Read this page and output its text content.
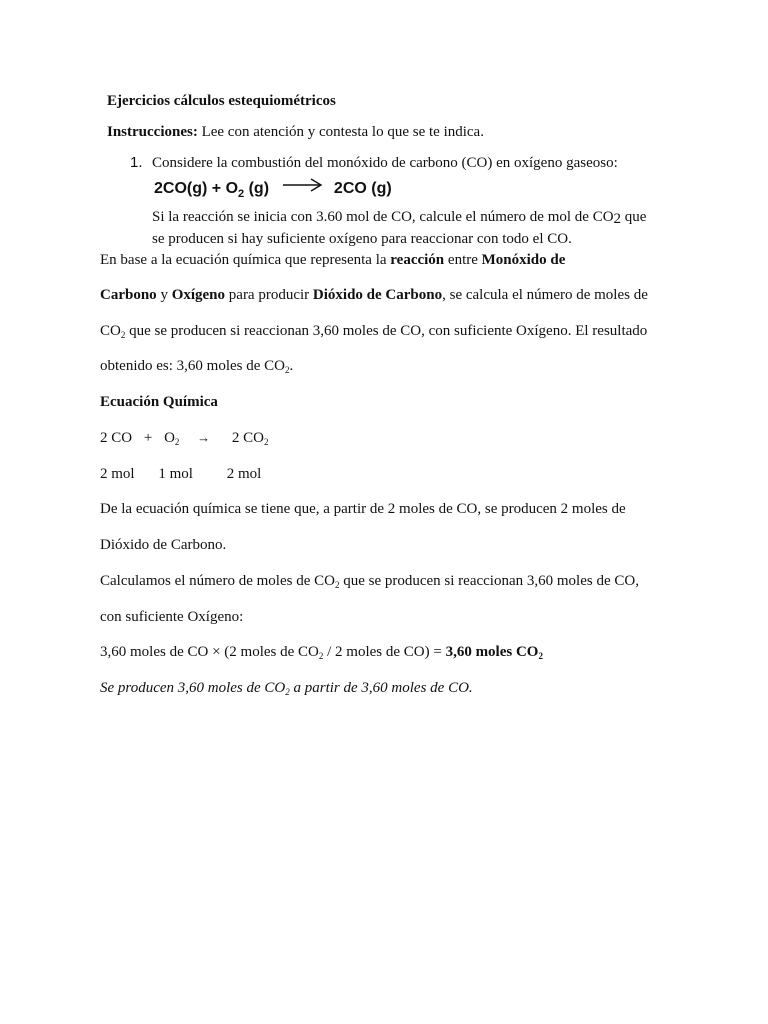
Ejercicios cálculos estequiométricos
Instrucciones: Lee con atención y contesta lo que se te indica.
1. Considere la combustión del monóxido de carbono (CO) en oxígeno gaseoso:
$2CO(g) + O_2$ (g) → 2CO (g)
Si la reacción se inicia con 3.60 mol de CO, calcule el número de mol de CO2 que
se producen si hay suficiente oxígeno para reaccionar con todo el CO.
En base a la ecuación química que representa la reacción entre Monóxido de
Carbono y Oxígeno para producir Dióxido de Carbono, se calcula el número de moles de
$CO_2$ que se producen si reaccionan 3,60 moles de CO, con suficiente Oxígeno. El resultado
obtenido es: 3,60 moles de $CO_2$.
Ecuación Química
2 CO + $O_2 \to 2$ $CO_2$
2 mol 1 mol 2 mol
De la ecuación química se tiene que, a partir de 2 moles de CO, se producen 2 moles de
Dióxido de Carbono.
Calculamos el número de moles de $CO_2$ que se producen si reaccionan 3,60 moles de CO,
con suficiente Oxígeno:
3,60 moles de CO × (2 moles de $CO_2 / 2$ moles de CO) = 3,60 moles $CO_2$
Se producen 3,60 moles de $CO_2$ a partir de 3,60 moles de CO.
